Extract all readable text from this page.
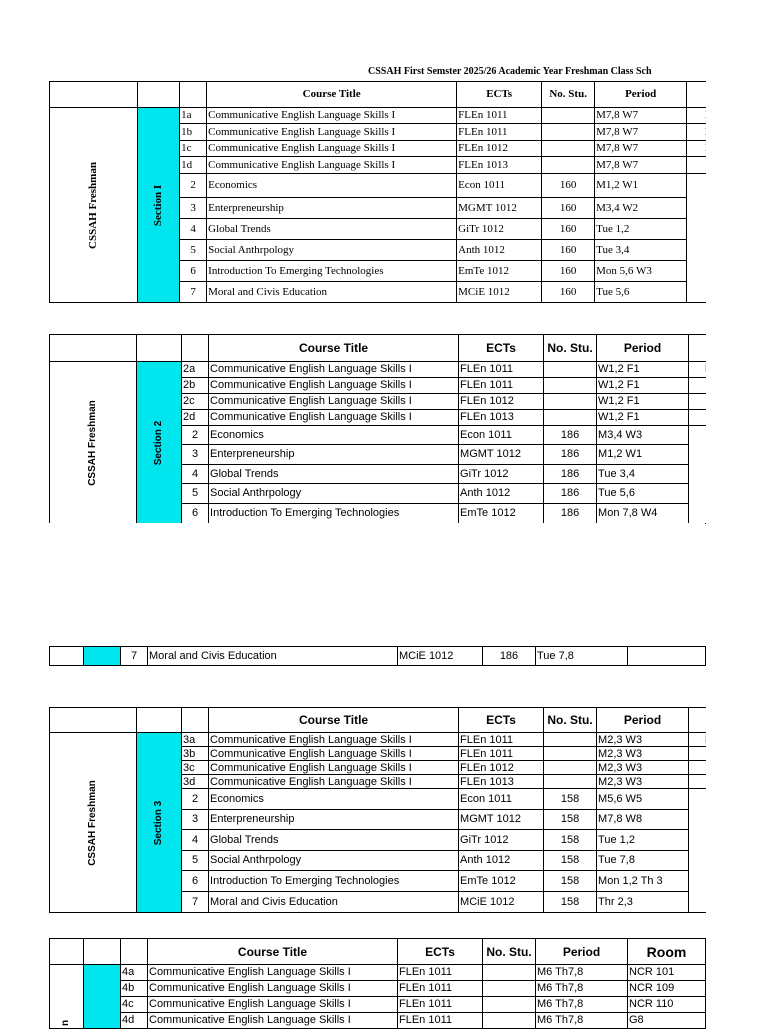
CSSAH First Semster 2025/26 Academic Year Freshman Class Sch
			Course Title	ECTs	No. Stu.	Period	
CSSAH Freshman	Section I	1a	Communicative English Language Skills I	FLEn 1011		M7,8 W7	
		1b	Communicative English Language Skills I	FLEn 1011		M7,8 W7	
		1c	Communicative English Language Skills I	FLEn 1012		M7,8 W7	
		1d	Communicative English Language Skills I	FLEn 1013		M7,8 W7	
		2	Economics	Econ 1011	160	M1,2 W1	
		3	Enterpreneurship	MGMT 1012	160	M3,4 W2	
		4	Global Trends	GiTr 1012	160	Tue 1,2	
		5	Social Anthrpology	Anth 1012	160	Tue 3,4	
		6	Introduction To Emerging Technologies	EmTe 1012	160	Mon 5,6 W3	
		7	Moral and Civis Education	MCiE 1012	160	Tue 5,6	
			Course Title	ECTs	No. Stu.	Period	
CSSAH Freshman	Section 2	2a	Communicative English Language Skills I	FLEn 1011		W1,2 F1	
		2b	Communicative English Language Skills I	FLEn 1011		W1,2 F1	
		2c	Communicative English Language Skills I	FLEn 1012		W1,2 F1	
		2d	Communicative English Language Skills I	FLEn 1013		W1,2 F1	
		2	Economics	Econ 1011	186	M3,4 W3	
		3	Enterpreneurship	MGMT 1012	186	M1,2 W1	
		4	Global Trends	GiTr 1012	186	Tue 3,4	
		5	Social Anthrpology	Anth 1012	186	Tue 5,6	
		6	Introduction To Emerging Technologies	EmTe 1012	186	Mon 7,8 W4	
		7	Moral and Civis Education	MCiE 1012	186	Tue 7,8	
			Course Title	ECTs	No. Stu.	Period	
CSSAH Freshman	Section 3	3a	Communicative English Language Skills I	FLEn 1011		M2,3 W3	
		3b	Communicative English Language Skills I	FLEn 1011		M2,3 W3	
		3c	Communicative English Language Skills I	FLEn 1012		M2,3 W3	
		3d	Communicative English Language Skills I	FLEn 1013		M2,3 W3	
		2	Economics	Econ 1011	158	M5,6 W5	
		3	Enterpreneurship	MGMT 1012	158	M7,8 W8	
		4	Global Trends	GiTr 1012	158	Tue 1,2	
		5	Social Anthrpology	Anth 1012	158	Tue 7,8	
		6	Introduction To Emerging Technologies	EmTe 1012	158	Mon 1,2 Th 3	
		7	Moral and Civis Education	MCiE 1012	158	Thr 2,3	
			Course Title	ECTs	No. Stu.	Period	Room
n		4a	Communicative English Language Skills I	FLEn 1011		M6 Th7,8	NCR 101
		4b	Communicative English Language Skills I	FLEn 1011		M6 Th7,8	NCR 109
		4c	Communicative English Language Skills I	FLEn 1011		M6 Th7,8	NCR 110
		4d	Communicative English Language Skills I	FLEn 1011		M6 Th7,8	G8
